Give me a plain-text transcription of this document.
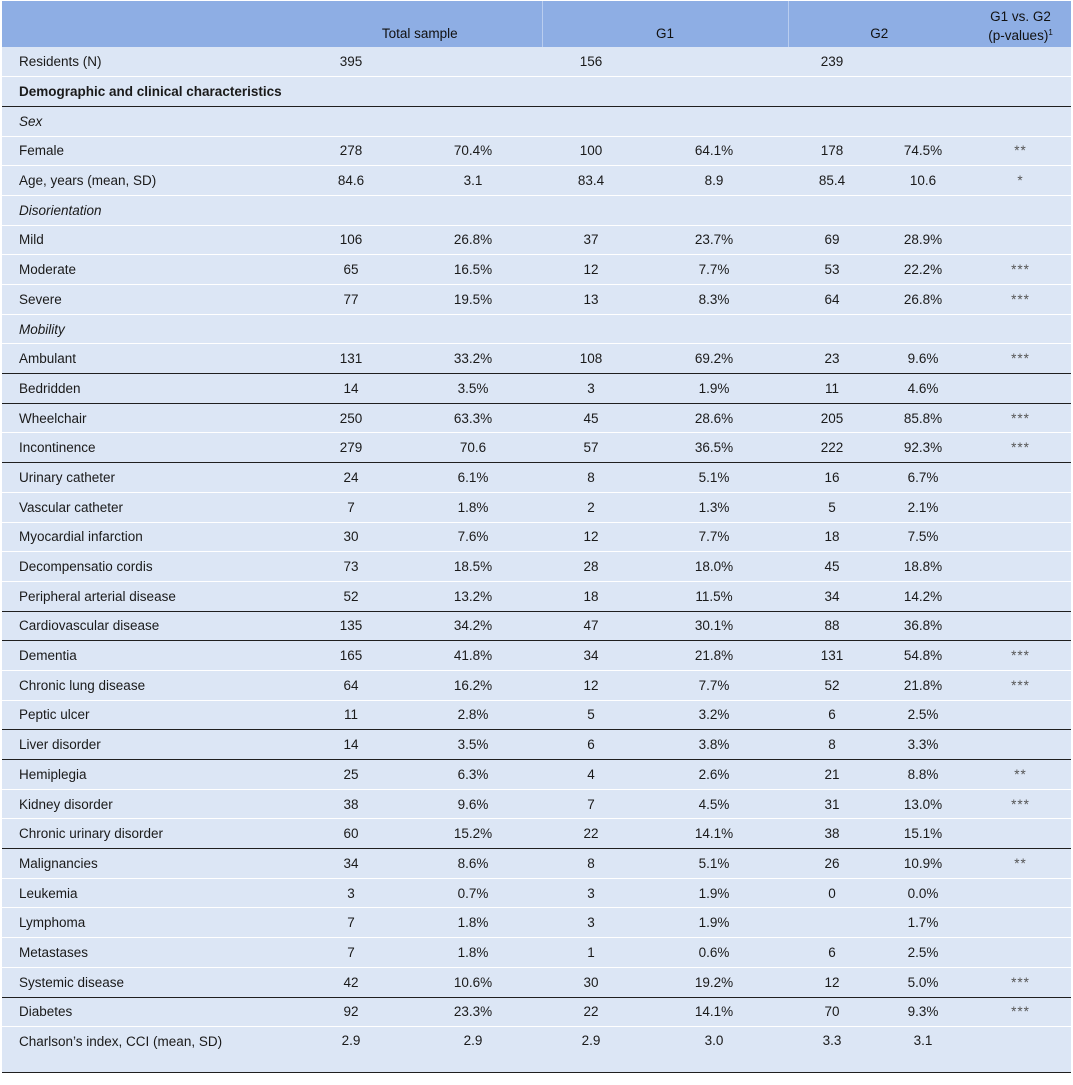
	Total sample		G1		G2		G1 vs. G2
(p-values)$^1$
Residents (N)	395		156		239		
Demographic and clinical characteristics							
Sex							
Female	278	70.4%	100	64.1%	178	74.5%	**
Age, years (mean, SD)	84.6	3.1	83.4	8.9	85.4	10.6	*
Disorientation							
Mild	106	26.8%	37	23.7%	69	28.9%	
Moderate	65	16.5%	12	7.7%	53	22.2%	***
Severe	77	19.5%	13	8.3%	64	26.8%	***
Mobility							
Ambulant	131	33.2%	108	69.2%	23	9.6%	***
Bedridden	14	3.5%	3	1.9%	11	4.6%	
Wheelchair	250	63.3%	45	28.6%	205	85.8%	***
Incontinence	279	70.6	57	36.5%	222	92.3%	***
Urinary catheter	24	6.1%	8	5.1%	16	6.7%	
Vascular catheter	7	1.8%	2	1.3%	5	2.1%	
Myocardial infarction	30	7.6%	12	7.7%	18	7.5%	
Decompensatio cordis	73	18.5%	28	18.0%	45	18.8%	
Peripheral arterial disease	52	13.2%	18	11.5%	34	14.2%	
Cardiovascular disease	135	34.2%	47	30.1%	88	36.8%	
Dementia	165	41.8%	34	21.8%	131	54.8%	***
Chronic lung disease	64	16.2%	12	7.7%	52	21.8%	***
Peptic ulcer	11	2.8%	5	3.2%	6	2.5%	
Liver disorder	14	3.5%	6	3.8%	8	3.3%	
Hemiplegia	25	6.3%	4	2.6%	21	8.8%	**
Kidney disorder	38	9.6%	7	4.5%	31	13.0%	***
Chronic urinary disorder	60	15.2%	22	14.1%	38	15.1%	
Malignancies	34	8.6%	8	5.1%	26	10.9%	**
Leukemia	3	0.7%	3	1.9%	0	0.0%	
Lymphoma	7	1.8%	3	1.9%		1.7%	
Metastases	7	1.8%	1	0.6%	6	2.5%	
Systemic disease	42	10.6%	30	19.2%	12	5.0%	***
Diabetes	92	23.3%	22	14.1%	70	9.3%	***
Charlson’s index, CCI (mean, SD)	2.9	2.9	2.9	3.0	3.3	3.1	
